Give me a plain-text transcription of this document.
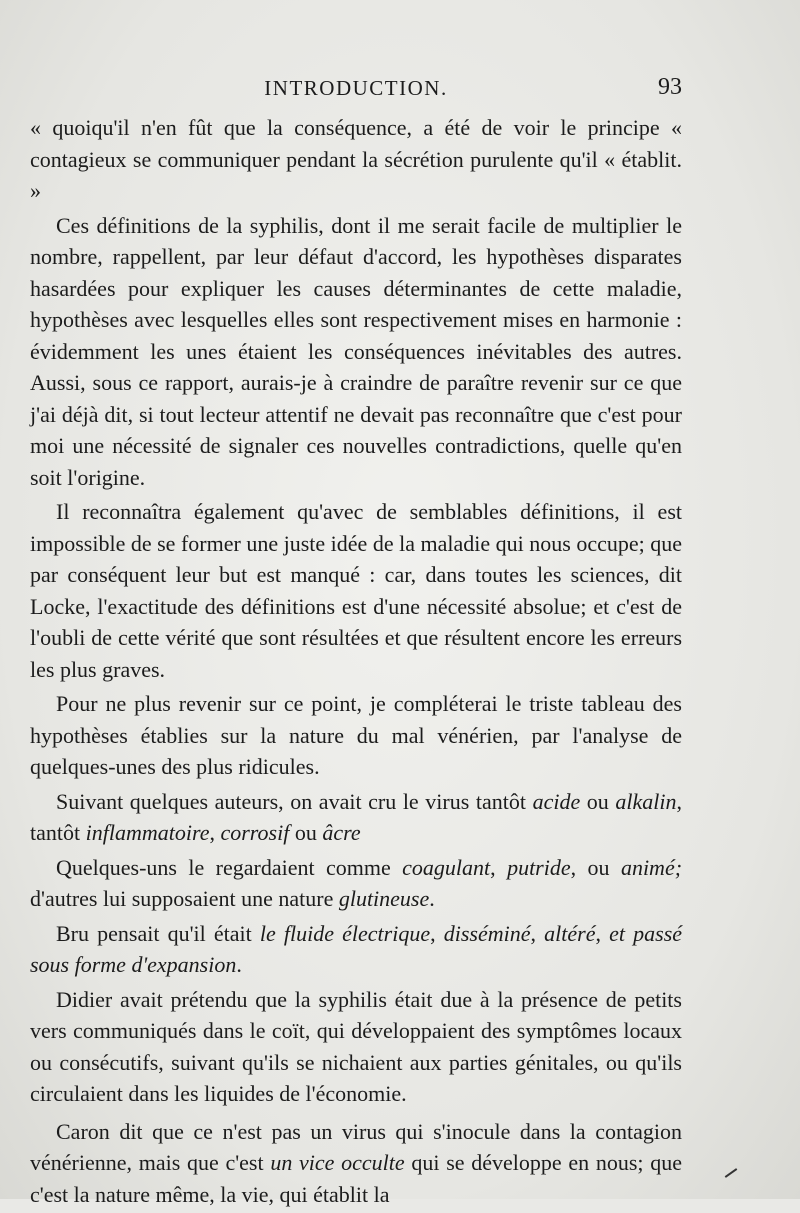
INTRODUCTION.	93

« quoiqu'il n'en fût que la conséquence, a été de voir le principe « contagieux se communiquer pendant la sécrétion purulente qu'il « établit. »

Ces définitions de la syphilis, dont il me serait facile de multiplier le nombre, rappellent, par leur défaut d'accord, les hypothèses disparates hasardées pour expliquer les causes déterminantes de cette maladie, hypothèses avec lesquelles elles sont respectivement mises en harmonie : évidemment les unes étaient les conséquences inévitables des autres. Aussi, sous ce rapport, aurais-je à craindre de paraître revenir sur ce que j'ai déjà dit, si tout lecteur attentif ne devait pas reconnaître que c'est pour moi une nécessité de signaler ces nouvelles contradictions, quelle qu'en soit l'origine.

Il reconnaîtra également qu'avec de semblables définitions, il est impossible de se former une juste idée de la maladie qui nous occupe; que par conséquent leur but est manqué : car, dans toutes les sciences, dit Locke, l'exactitude des définitions est d'une nécessité absolue; et c'est de l'oubli de cette vérité que sont résultées et que résultent encore les erreurs les plus graves.

Pour ne plus revenir sur ce point, je compléterai le triste tableau des hypothèses établies sur la nature du mal vénérien, par l'analyse de quelques-unes des plus ridicules.

Suivant quelques auteurs, on avait cru le virus tantôt acide ou alkalin, tantôt inflammatoire, corrosif ou âcre

Quelques-uns le regardaient comme coagulant, putride, ou animé; d'autres lui supposaient une nature glutineuse.

Bru pensait qu'il était le fluide électrique, disséminé, altéré, et passé sous forme d'expansion.

Didier avait prétendu que la syphilis était due à la présence de petits vers communiqués dans le coït, qui développaient des symptômes locaux ou consécutifs, suivant qu'ils se nichaient aux parties génitales, ou qu'ils circulaient dans les liquides de l'économie.

Caron dit que ce n'est pas un virus qui s'inocule dans la contagion vénérienne, mais que c'est un vice occulte qui se développe en nous; que c'est la nature même, la vie, qui établit la
